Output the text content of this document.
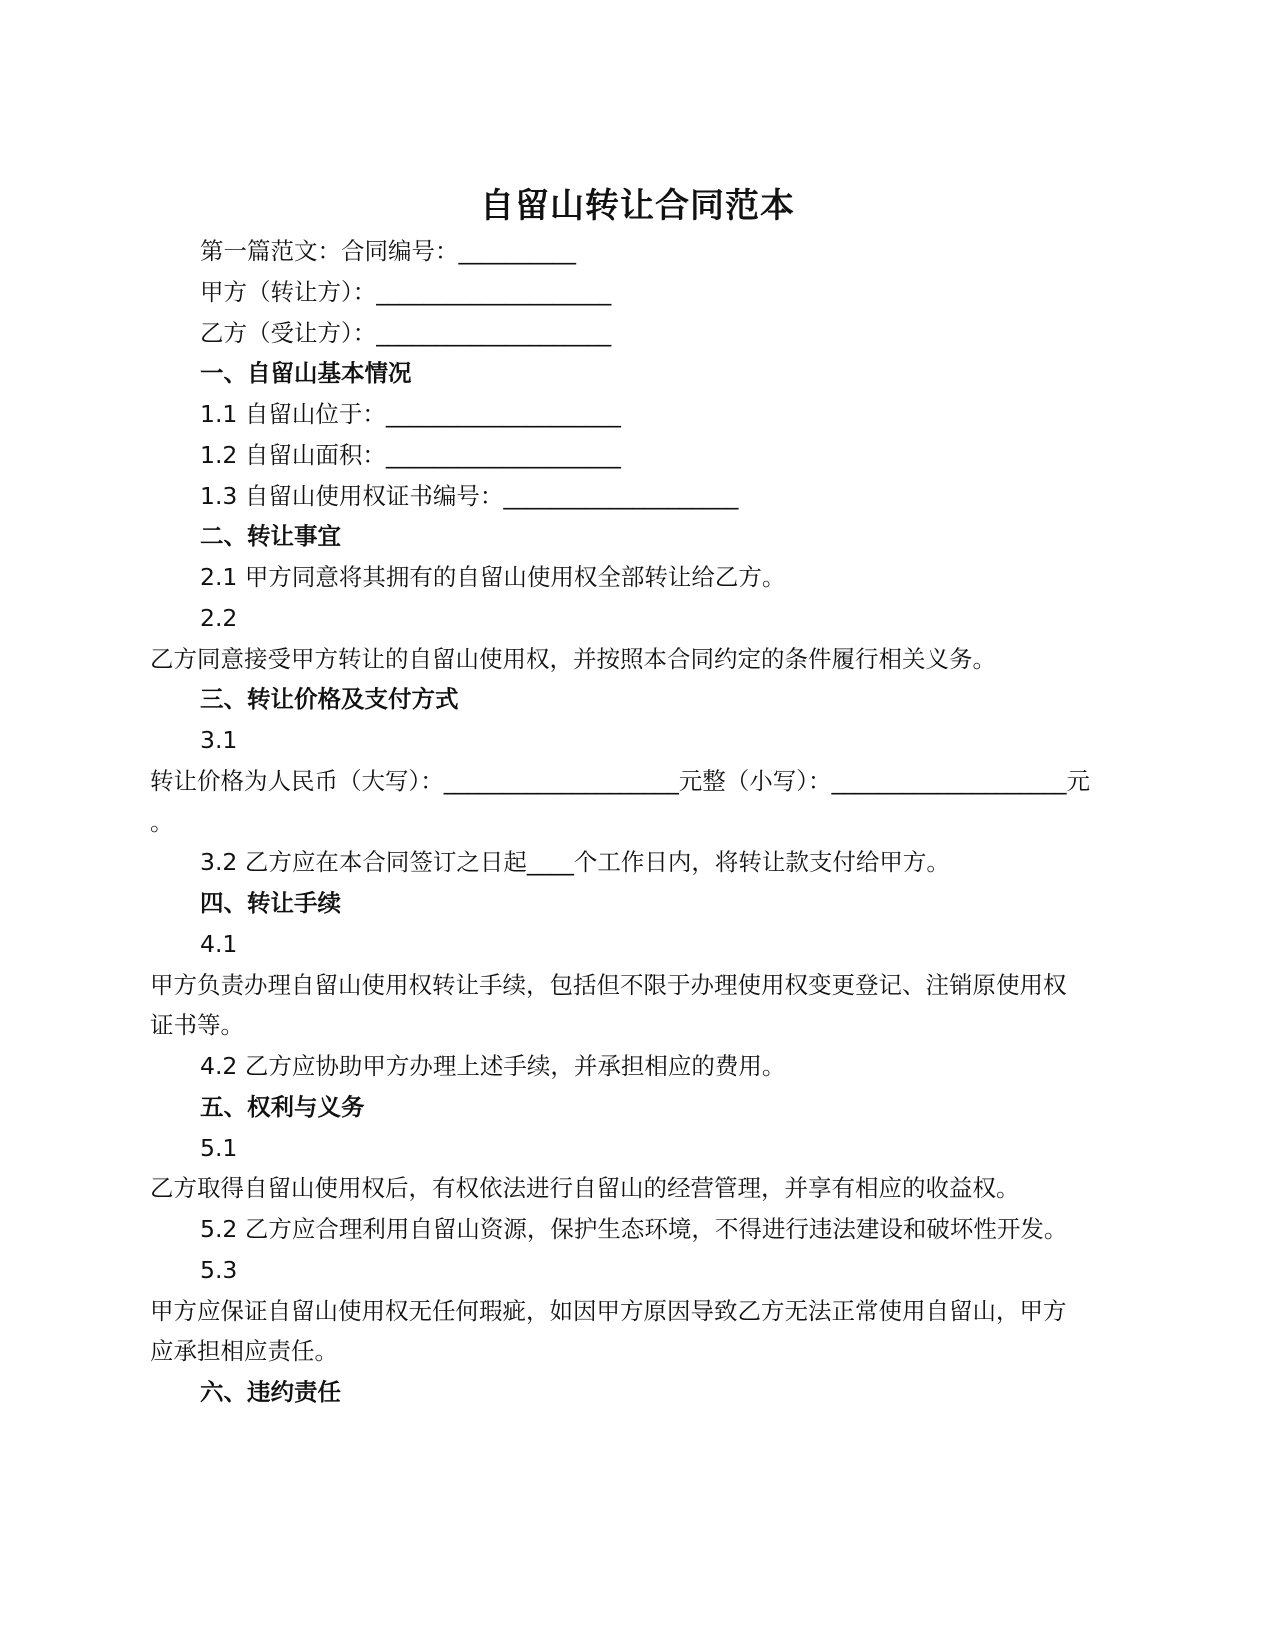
自留山转让合同范本
第一篇范文：合同编号：__________
甲方（转让方）：____________________
乙方（受让方）：____________________
一、自留山基本情况
1.1 自留山位于：____________________
1.2 自留山面积：____________________
1.3 自留山使用权证书编号：____________________
二、转让事宜
2.1 甲方同意将其拥有的自留山使用权全部转让给乙方。
2.2
乙方同意接受甲方转让的自留山使用权，并按照本合同约定的条件履行相关义务。
三、转让价格及支付方式
3.1
转让价格为人民币（大写）：____________________元整（小写）：____________________元
。
3.2 乙方应在本合同签订之日起____个工作日内，将转让款支付给甲方。
四、转让手续
4.1
甲方负责办理自留山使用权转让手续，包括但不限于办理使用权变更登记、注销原使用权
证书等。
4.2 乙方应协助甲方办理上述手续，并承担相应的费用。
五、权利与义务
5.1
乙方取得自留山使用权后，有权依法进行自留山的经营管理，并享有相应的收益权。
5.2 乙方应合理利用自留山资源，保护生态环境，不得进行违法建设和破坏性开发。
5.3
甲方应保证自留山使用权无任何瑕疵，如因甲方原因导致乙方无法正常使用自留山，甲方
应承担相应责任。
六、违约责任
